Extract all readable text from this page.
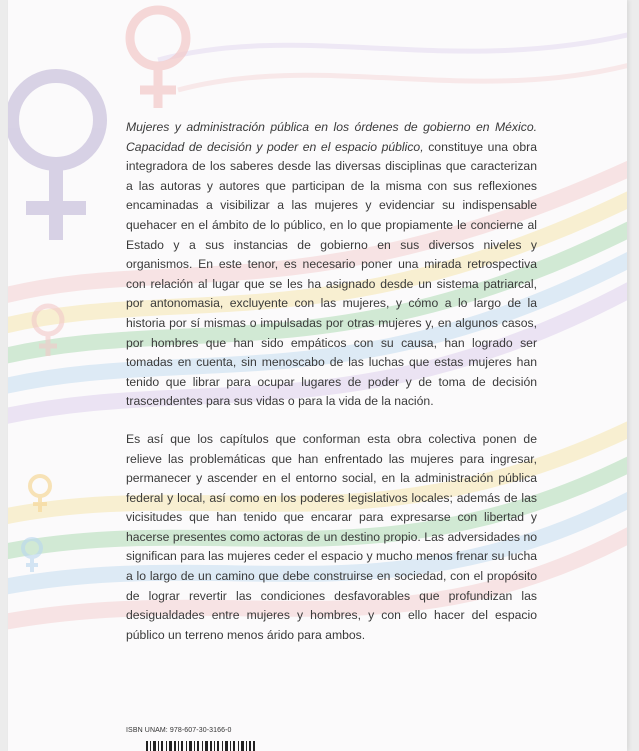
Mujeres y administración pública en los órdenes de gobierno en México. Capacidad de decisión y poder en el espacio público, constituye una obra integradora de los saberes desde las diversas disciplinas que caracterizan a las autoras y autores que participan de la misma con sus reflexiones encaminadas a visibilizar a las mujeres y evidenciar su indispensable quehacer en el ámbito de lo público, en lo que propiamente le concierne al Estado y a sus instancias de gobierno en sus diversos niveles y organismos. En este tenor, es necesario poner una mirada retrospectiva con relación al lugar que se les ha asignado desde un sistema patriarcal, por antonomasia, excluyente con las mujeres, y cómo a lo largo de la historia por sí mismas o impulsadas por otras mujeres y, en algunos casos, por hombres que han sido empáticos con su causa, han logrado ser tomadas en cuenta, sin menoscabo de las luchas que estas mujeres han tenido que librar para ocupar lugares de poder y de toma de decisión trascendentes para sus vidas o para la vida de la nación.

Es así que los capítulos que conforman esta obra colectiva ponen de relieve las problemáticas que han enfrentado las mujeres para ingresar, permanecer y ascender en el entorno social, en la administración pública federal y local, así como en los poderes legislativos locales; además de las vicisitudes que han tenido que encarar para expresarse con libertad y hacerse presentes como actoras de un destino propio. Las adversidades no significan para las mujeres ceder el espacio y mucho menos frenar su lucha a lo largo de un camino que debe construirse en sociedad, con el propósito de lograr revertir las condiciones desfavorables que profundizan las desigualdades entre mujeres y hombres, y con ello hacer del espacio público un terreno menos árido para ambos.

ISBN UNAM: 978-607-30-3166-0
